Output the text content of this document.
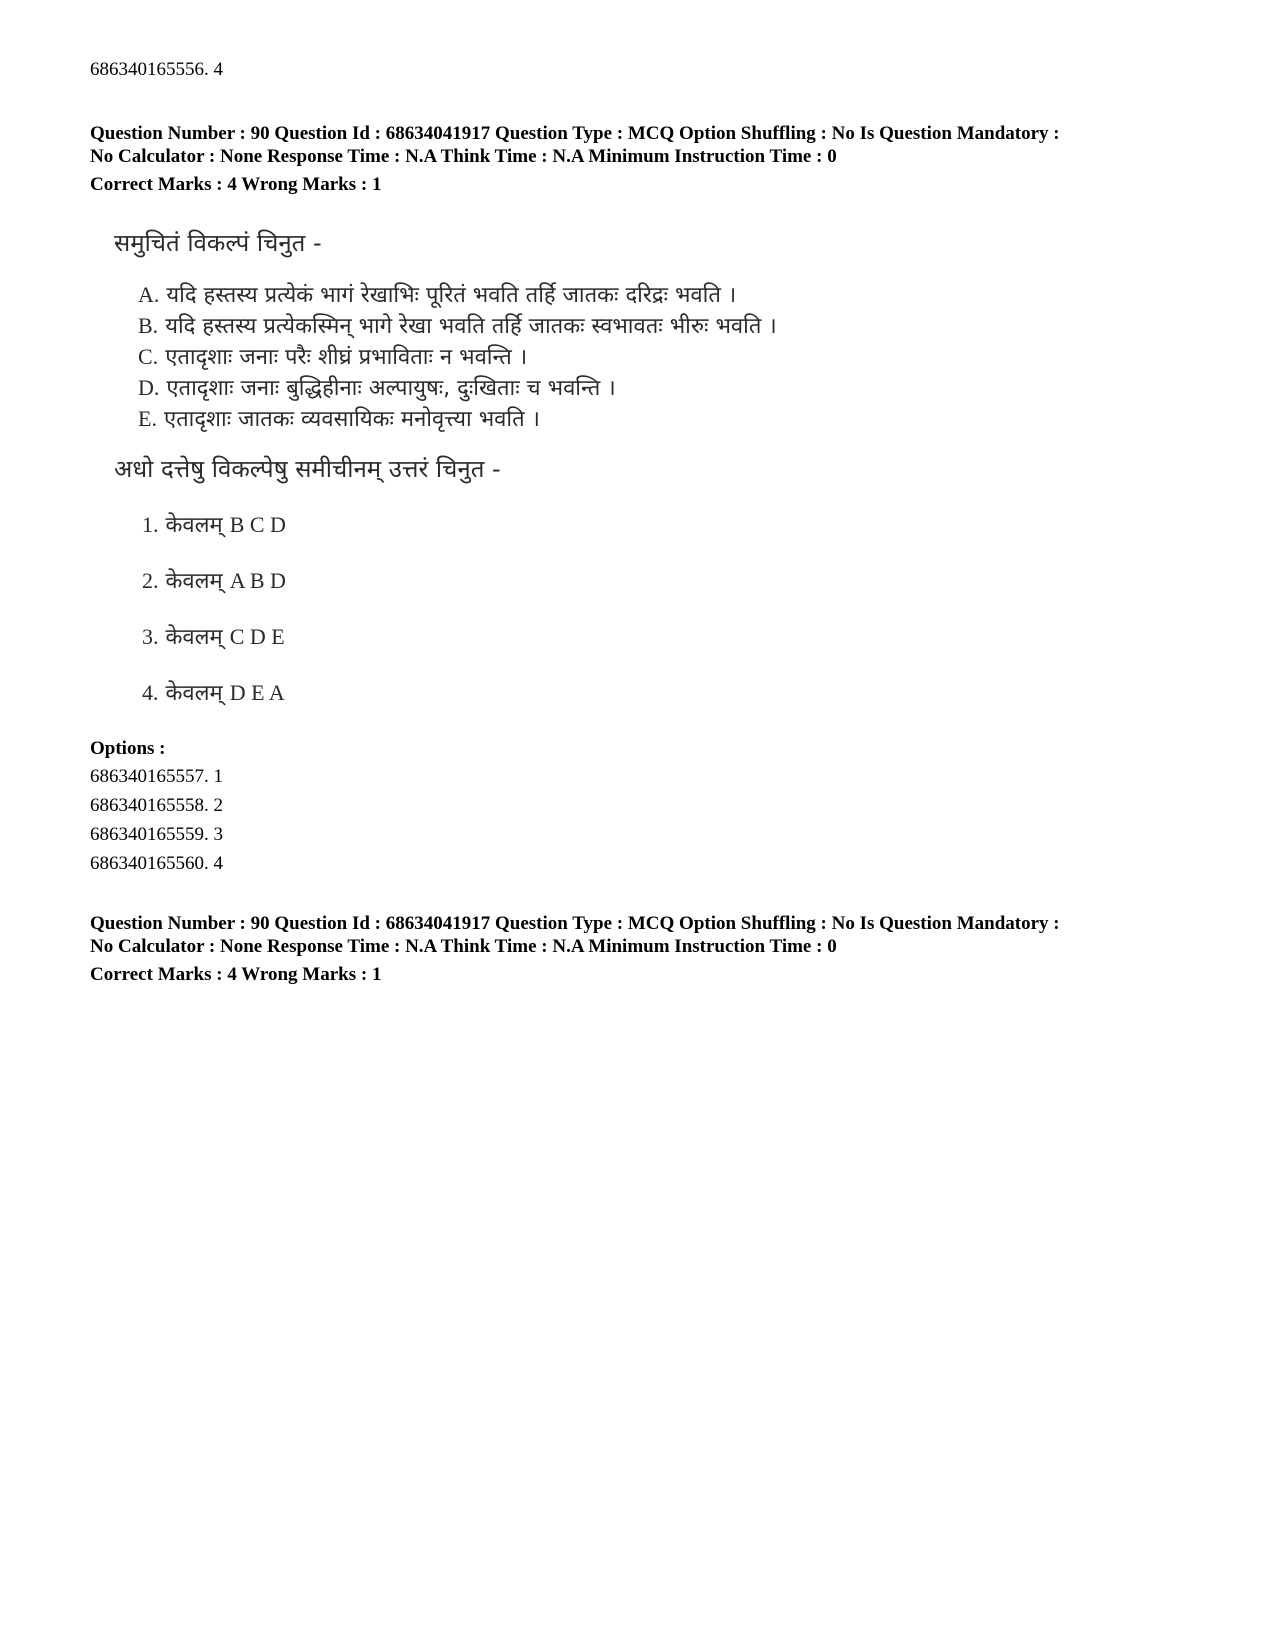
686340165556. 4
Question Number : 90 Question Id : 68634041917 Question Type : MCQ Option Shuffling : No Is Question Mandatory :
No Calculator : None Response Time : N.A Think Time : N.A Minimum Instruction Time : 0
Correct Marks : 4 Wrong Marks : 1
समुचितं विकल्पं चिनुत -
A. यदि हस्तस्य प्रत्येकं भागं रेखाभिः पूरितं भवति तर्हि जातकः दरिद्रः भवति ।
B. यदि हस्तस्य प्रत्येकस्मिन् भागे रेखा भवति तर्हि जातकः स्वभावतः भीरुः भवति ।
C. एतादृशाः जनाः परैः शीघ्रं प्रभाविताः न भवन्ति ।
D. एतादृशाः जनाः बुद्धिहीनाः अल्पायुषः, दुःखिताः च भवन्ति ।
E. एतादृशाः जातकः व्यवसायिकः मनोवृत्त्या भवति ।
अधो दत्तेषु विकल्पेषु समीचीनम् उत्तरं चिनुत -
1. केवलम् B C D
2. केवलम् A B D
3. केवलम् C D E
4. केवलम् D E A
Options :
686340165557. 1
686340165558. 2
686340165559. 3
686340165560. 4
Question Number : 90 Question Id : 68634041917 Question Type : MCQ Option Shuffling : No Is Question Mandatory :
No Calculator : None Response Time : N.A Think Time : N.A Minimum Instruction Time : 0
Correct Marks : 4 Wrong Marks : 1
